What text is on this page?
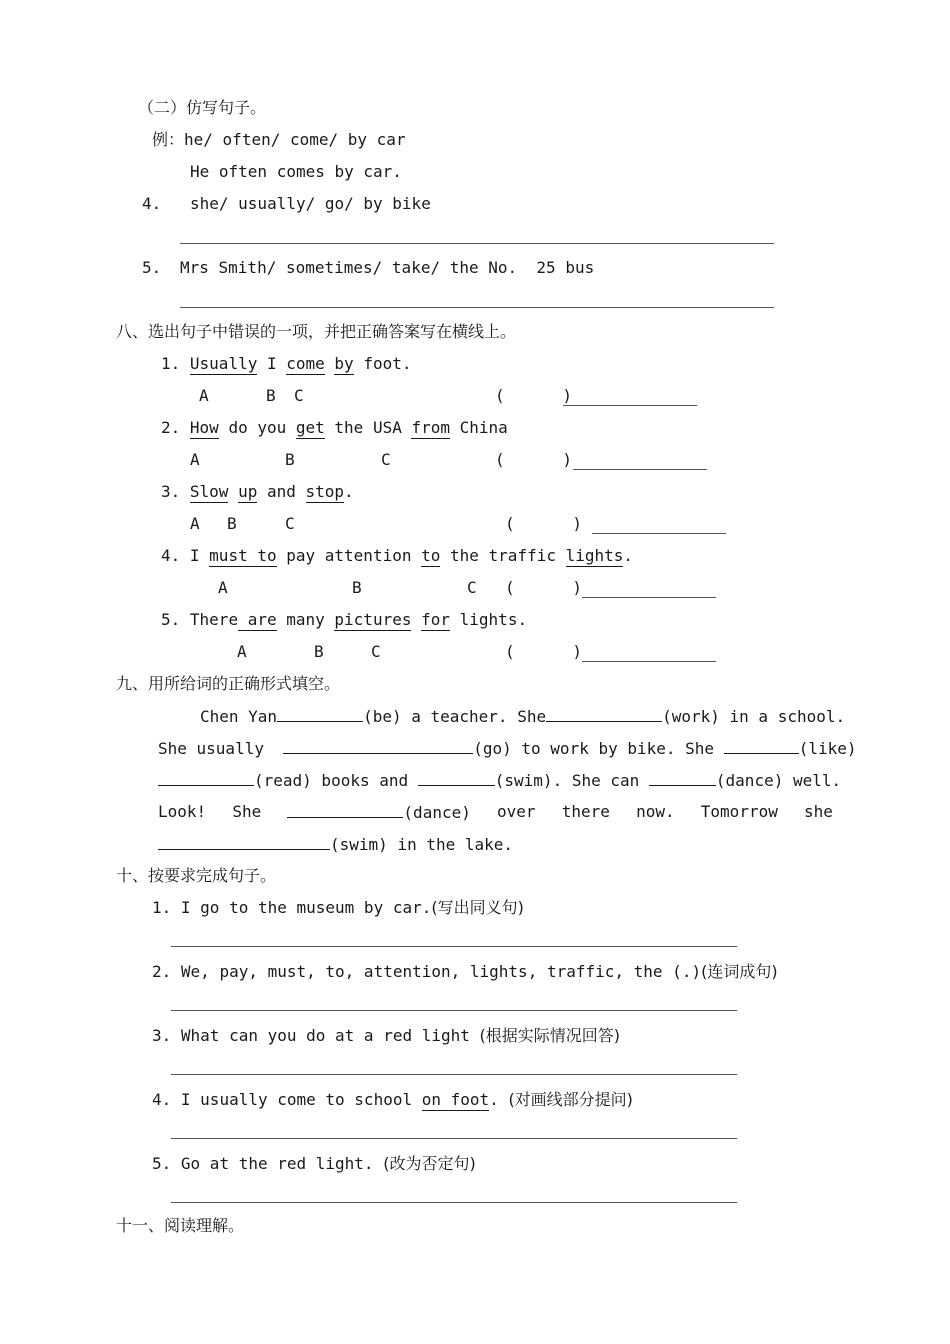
（二）仿写句子。
例：he/ often/ come/ by car
He often comes by car.
4. she/ usually/ go/ by bike
5. Mrs Smith/ sometimes/ take/ the No.  25 bus
八、选出句子中错误的一项，并把正确答案写在横线上。
1. Usually I come by foot.
A	B C	(      )
2. How do you get the USA from China
A	B	C	(      )
3. Slow up and stop.
A B	C	(      )
4. I must to pay attention to the traffic lights.
A	B	C (      )
5. There are many pictures for lights.
A	B	C	(      )
九、用所给词的正确形式填空。
Chen Yan	(be) a teacher. She	(work) in a school.
She usually	(go) to work by bike. She	(like)
(read) books and	(swim). She can	(dance) well.
Look! She	(dance) over there now. Tomorrow she
(swim) in the lake.
十、按要求完成句子。
1. I go to the museum by car.(写出同义句)
2. We, pay, must, to, attention, lights, traffic, the (.)(连词成句)
3. What can you do at a red light (根据实际情况回答)
4. I usually come to school on foot. (对画线部分提问)
5. Go at the red light. (改为否定句)
十一、阅读理解。
